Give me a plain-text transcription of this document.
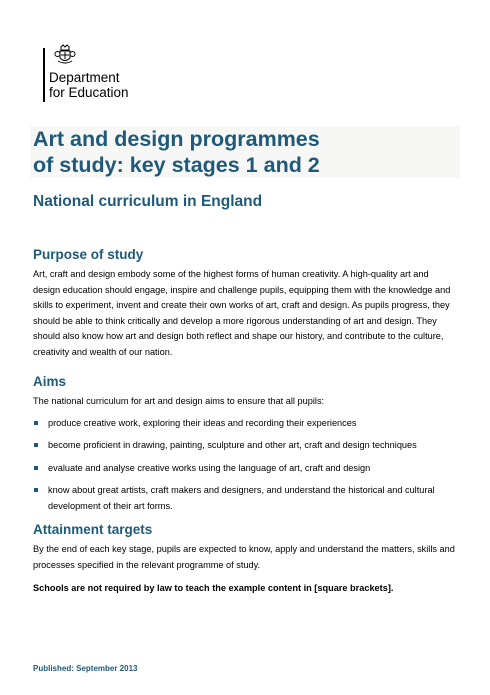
Department
for Education
Art and design programmes
of study: key stages 1 and 2
National curriculum in England
Purpose of study

Art, craft and design embody some of the highest forms of human creativity. A high-quality art and design education should engage, inspire and challenge pupils, equipping them with the knowledge and skills to experiment, invent and create their own works of art, craft and design. As pupils progress, they should be able to think critically and develop a more rigorous understanding of art and design. They should also know how art and design both reflect and shape our history, and contribute to the culture, creativity and wealth of our nation.

Aims

The national curriculum for art and design aims to ensure that all pupils:

produce creative work, exploring their ideas and recording their experiences
become proficient in drawing, painting, sculpture and other art, craft and design techniques
evaluate and analyse creative works using the language of art, craft and design
know about great artists, craft makers and designers, and understand the historical and cultural development of their art forms.
Attainment targets

By the end of each key stage, pupils are expected to know, apply and understand the matters, skills and processes specified in the relevant programme of study.

Schools are not required by law to teach the example content in [square brackets].

Published: September 2013
